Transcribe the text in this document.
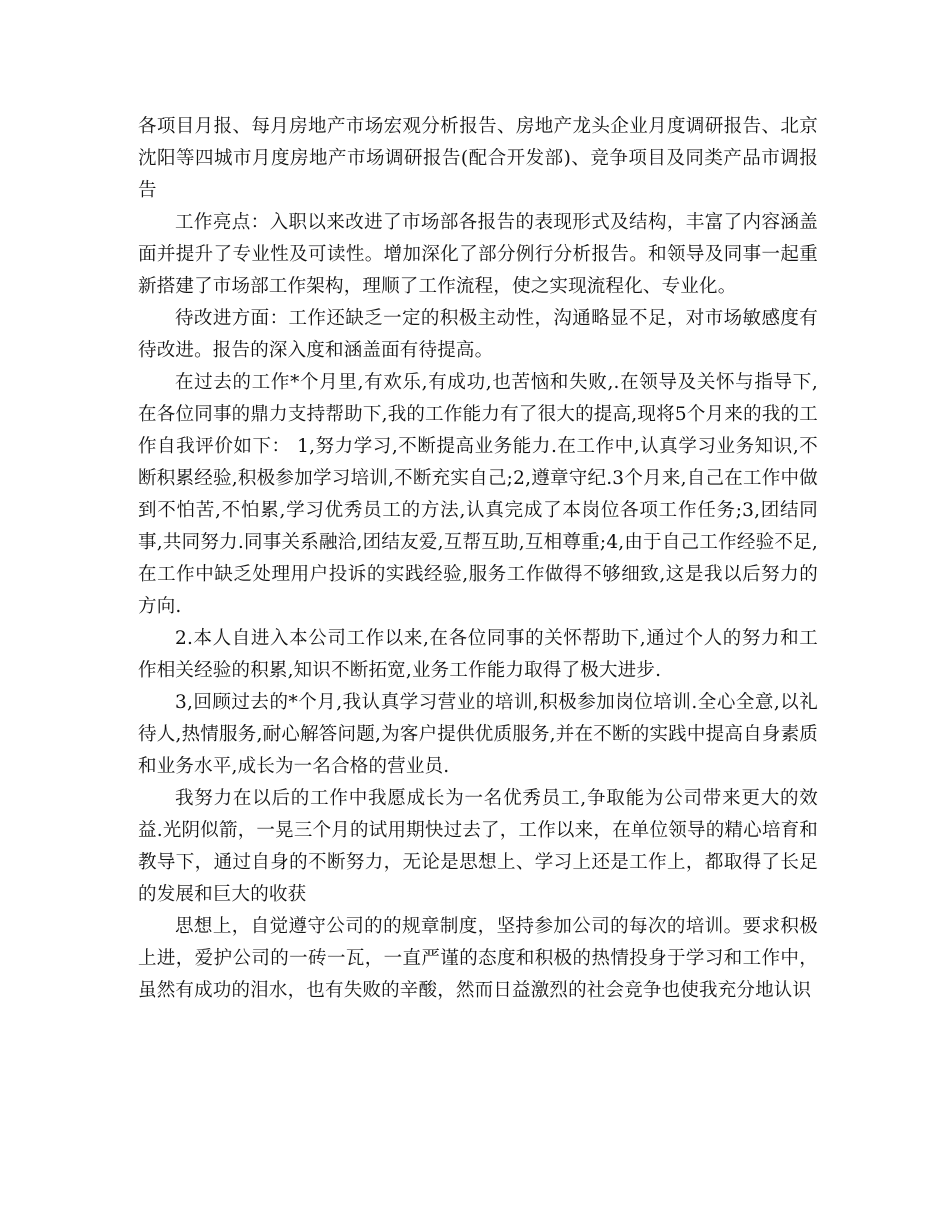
各项目月报、每月房地产市场宏观分析报告、房地产龙头企业月度调研报告、北京沈阳等四城市月度房地产市场调研报告(配合开发部)、竞争项目及同类产品市调报告

工作亮点：入职以来改进了市场部各报告的表现形式及结构，丰富了内容涵盖面并提升了专业性及可读性。增加深化了部分例行分析报告。和领导及同事一起重新搭建了市场部工作架构，理顺了工作流程，使之实现流程化、专业化。

待改进方面：工作还缺乏一定的积极主动性，沟通略显不足，对市场敏感度有待改进。报告的深入度和涵盖面有待提高。

在过去的工作*个月里,有欢乐,有成功,也苦恼和失败,.在领导及关怀与指导下,在各位同事的鼎力支持帮助下,我的工作能力有了很大的提高,现将5个月来的我的工作自我评价如下： 1,努力学习,不断提高业务能力.在工作中,认真学习业务知识,不断积累经验,积极参加学习培训,不断充实自己;2,遵章守纪.3个月来,自己在工作中做到不怕苦,不怕累,学习优秀员工的方法,认真完成了本岗位各项工作任务;3,团结同事,共同努力.同事关系融洽,团结友爱,互帮互助,互相尊重;4,由于自己工作经验不足,在工作中缺乏处理用户投诉的实践经验,服务工作做得不够细致,这是我以后努力的方向.

2.本人自进入本公司工作以来,在各位同事的关怀帮助下,通过个人的努力和工作相关经验的积累,知识不断拓宽,业务工作能力取得了极大进步.

3,回顾过去的*个月,我认真学习营业的培训,积极参加岗位培训.全心全意,以礼待人,热情服务,耐心解答问题,为客户提供优质服务,并在不断的实践中提高自身素质和业务水平,成长为一名合格的营业员.

我努力在以后的工作中我愿成长为一名优秀员工,争取能为公司带来更大的效益.光阴似箭，一晃三个月的试用期快过去了，工作以来，在单位领导的精心培育和教导下，通过自身的不断努力，无论是思想上、学习上还是工作上，都取得了长足的发展和巨大的收获

思想上，自觉遵守公司的的规章制度，坚持参加公司的每次的培训。要求积极上进，爱护公司的一砖一瓦，一直严谨的态度和积极的热情投身于学习和工作中，虽然有成功的泪水，也有失败的辛酸，然而日益激烈的社会竞争也使我充分地认识
